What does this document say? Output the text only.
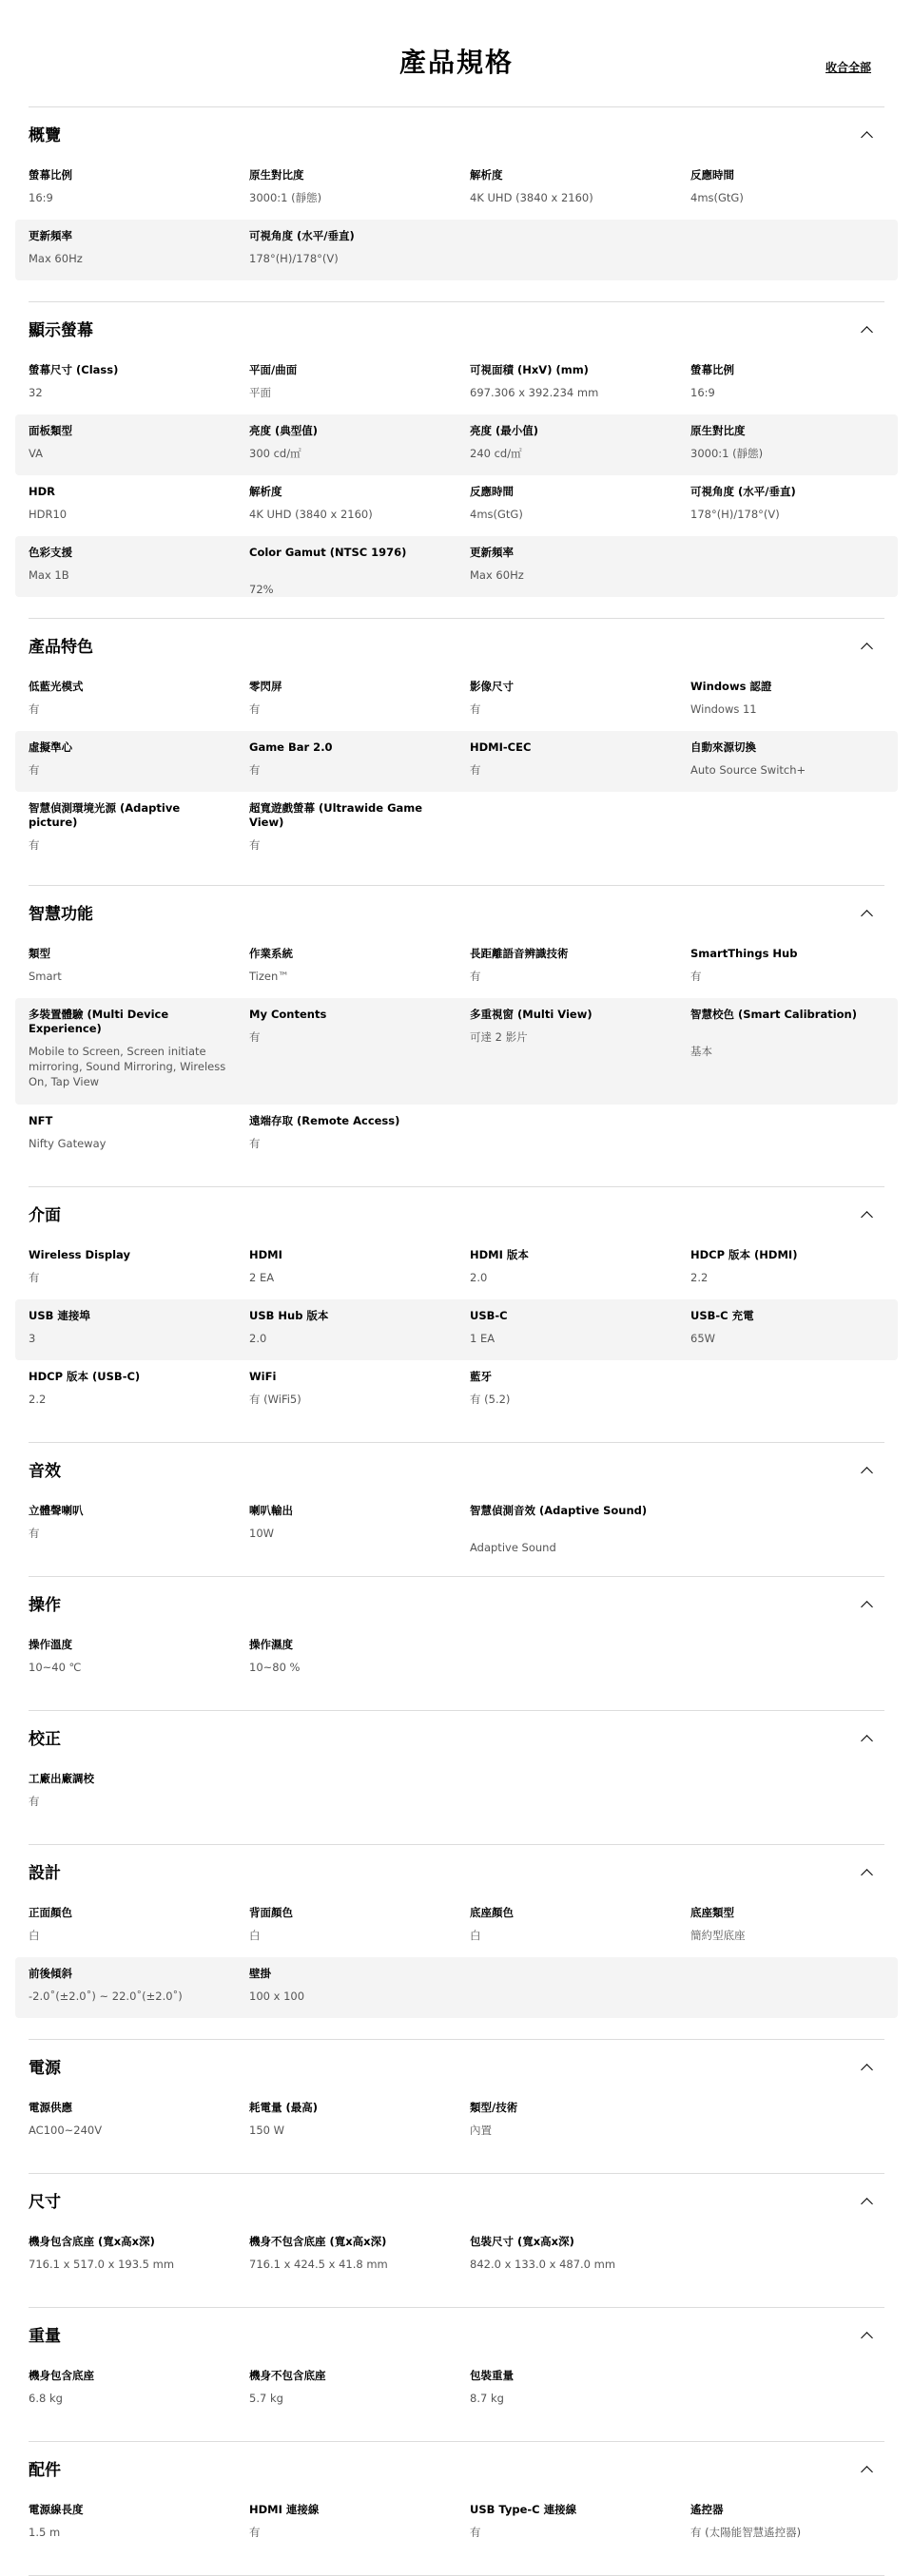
產品規格	收合全部
概覽
螢幕比例
16:9
原生對比度
3000:1 (靜態)
解析度
4K UHD (3840 x 2160)
反應時間
4ms(GtG)
更新頻率
Max 60Hz
可視角度 (水平/垂直)
178°(H)/178°(V)
顯示螢幕
螢幕尺寸 (Class)
32
平面/曲面
平面
可視面積 (HxV) (mm)
697.306 x 392.234 mm
螢幕比例
16:9
面板類型
VA
亮度 (典型值)
300 cd/㎡
亮度 (最小值)
240 cd/㎡
原生對比度
3000:1 (靜態)
HDR
HDR10
解析度
4K UHD (3840 x 2160)
反應時間
4ms(GtG)
可視角度 (水平/垂直)
178°(H)/178°(V)
色彩支援
Max 1B
Color Gamut (NTSC 1976)
72%
更新頻率
Max 60Hz
產品特色
低藍光模式
有
零閃屏
有
影像尺寸
有
Windows 認證
Windows 11
虛擬準心
有
Game Bar 2.0
有
HDMI-CEC
有
自動來源切換
Auto Source Switch+
智慧偵測環境光源 (Adaptive picture)
有
超寬遊戲螢幕 (Ultrawide Game View)
有
智慧功能
類型
Smart
作業系統
Tizen™
長距離語音辨識技術
有
SmartThings Hub
有
多裝置體驗 (Multi Device Experience)
Mobile to Screen, Screen initiate mirroring, Sound Mirroring, Wireless On, Tap View
My Contents
有
多重視窗 (Multi View)
可達 2 影片
智慧校色 (Smart Calibration)
基本
NFT
Nifty Gateway
遠端存取 (Remote Access)
有
介面
Wireless Display
有
HDMI
2 EA
HDMI 版本
2.0
HDCP 版本 (HDMI)
2.2
USB 連接埠
3
USB Hub 版本
2.0
USB-C
1 EA
USB-C 充電
65W
HDCP 版本 (USB-C)
2.2
WiFi
有 (WiFi5)
藍牙
有 (5.2)
音效
立體聲喇叭
有
喇叭輸出
10W
智慧偵測音效 (Adaptive Sound)
Adaptive Sound
操作
操作溫度
10~40 ℃
操作濕度
10~80 %
校正
工廠出廠調校
有
設計
正面顏色
白
背面顏色
白
底座顏色
白
底座類型
簡約型底座
前後傾斜
-2.0˚(±2.0˚) ~ 22.0˚(±2.0˚)
壁掛
100 x 100
電源
電源供應
AC100~240V
耗電量 (最高)
150 W
類型/技術
內置
尺寸
機身包含底座 (寬x高x深)
716.1 x 517.0 x 193.5 mm
機身不包含底座 (寬x高x深)
716.1 x 424.5 x 41.8 mm
包裝尺寸 (寬x高x深)
842.0 x 133.0 x 487.0 mm
重量
機身包含底座
6.8 kg
機身不包含底座
5.7 kg
包裝重量
8.7 kg
配件
電源線長度
1.5 m
HDMI 連接線
有
USB Type-C 連接線
有
遙控器
有 (太陽能智慧遙控器)
